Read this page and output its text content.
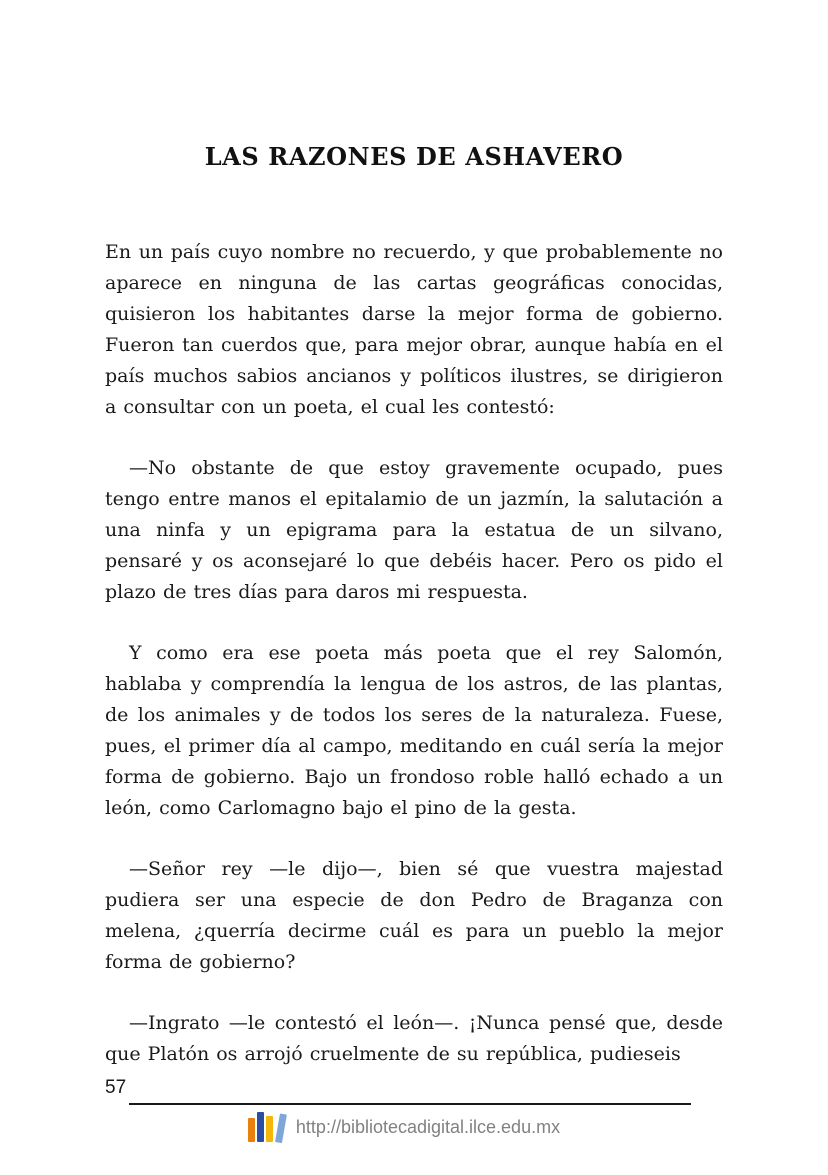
LAS RAZONES DE ASHAVERO

En un país cuyo nombre no recuerdo, y que probablemente no aparece en ninguna de las cartas geográficas conocidas, quisieron los habitantes darse la mejor forma de gobierno. Fueron tan cuerdos que, para mejor obrar, aunque había en el país muchos sabios ancianos y políticos ilustres, se dirigieron a consultar con un poeta, el cual les contestó:

—No obstante de que estoy gravemente ocupado, pues tengo entre manos el epitalamio de un jazmín, la salutación a una ninfa y un epigrama para la estatua de un silvano, pensaré y os aconsejaré lo que debéis hacer. Pero os pido el plazo de tres días para daros mi respuesta.

Y como era ese poeta más poeta que el rey Salomón, hablaba y comprendía la lengua de los astros, de las plantas, de los animales y de todos los seres de la naturaleza. Fuese, pues, el primer día al campo, meditando en cuál sería la mejor forma de gobierno. Bajo un frondoso roble halló echado a un león, como Carlomagno bajo el pino de la gesta.

—Señor rey —le dijo—, bien sé que vuestra majestad pudiera ser una especie de don Pedro de Braganza con melena, ¿querría decirme cuál es para un pueblo la mejor forma de gobierno?

—Ingrato —le contestó el león—. ¡Nunca pensé que, desde que Platón os arrojó cruelmente de su república, pudieseis

57
http://bibliotecadigital.ilce.edu.mx
